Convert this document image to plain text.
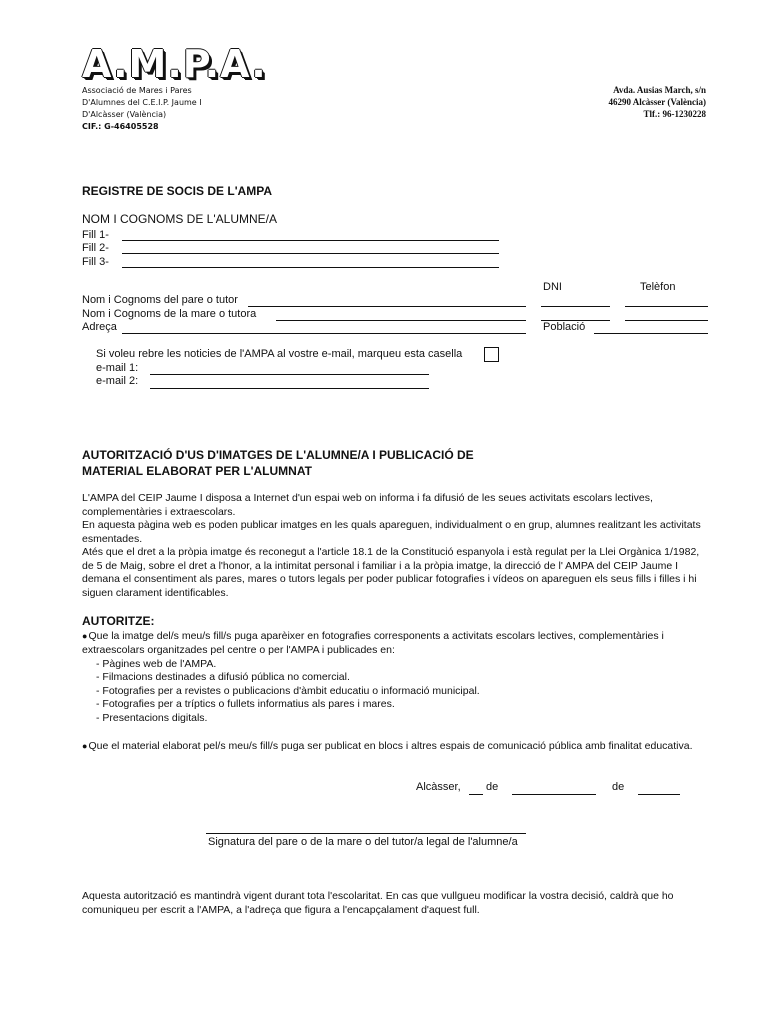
A.M.P.A.
Associació de Mares i Pares
D'Alumnes del C.E.I.P. Jaume I
D'Alcàsser (València)
CIF.: G-46405528
Avda. Ausias March, s/n
46290 Alcàsser (València)
Tlf.: 96-1230228
REGISTRE DE SOCIS DE L'AMPA
NOM I COGNOMS DE L'ALUMNE/A
Fill 1-
Fill 2-
Fill 3-
DNI	Telèfon
Nom i Cognoms del pare o tutor
Nom i Cognoms de la mare o tutora
Adreça	Població
Si voleu rebre les noticies de l'AMPA al vostre e-mail, marqueu esta casella
e-mail 1:
e-mail 2:
AUTORITZACIÓ D'US D'IMATGES DE L'ALUMNE/A I PUBLICACIÓ DE
MATERIAL ELABORAT PER L'ALUMNAT
L'AMPA del CEIP Jaume I disposa a Internet d'un espai web on informa i fa difusió de les seues activitats escolars lectives, complementàries i extraescolars.
En aquesta pàgina web es poden publicar imatges en les quals apareguen, individualment o en grup, alumnes realitzant les activitats esmentades.
Atés que el dret a la pròpia imatge és reconegut a l'article 18.1 de la Constitució espanyola i està regulat per la Llei Orgànica 1/1982, de 5 de Maig, sobre el dret a l'honor, a la intimitat personal i familiar i a la pròpia imatge, la direcció de l' AMPA del CEIP Jaume I demana el consentiment als pares, mares o tutors legals per poder publicar fotografies i vídeos on apareguen els seus fills i filles i hi siguen clarament identificables.
AUTORITZE:
● Que la imatge del/s meu/s fill/s puga aparèixer en fotografies corresponents a activitats escolars lectives, complementàries i extraescolars organitzades pel centre o per l'AMPA i publicades en:
- Pàgines web de l'AMPA.
- Filmacions destinades a difusió pública no comercial.
- Fotografies per a revistes o publicacions d'àmbit educatiu o informació municipal.
- Fotografies per a tríptics o fullets informatius als pares i mares.
- Presentacions digitals.
● Que el material elaborat pel/s meu/s fill/s puga ser publicat en blocs i altres espais de comunicació pública amb finalitat educativa.
Alcàsser, de	de
Signatura del pare o de la mare o del tutor/a legal de l'alumne/a
Aquesta autorització es mantindrà vigent durant tota l'escolaritat. En cas que vullgueu modificar la vostra decisió, caldrà que ho comuniqueu per escrit a l'AMPA, a l'adreça que figura a l'encapçalament d'aquest full.
